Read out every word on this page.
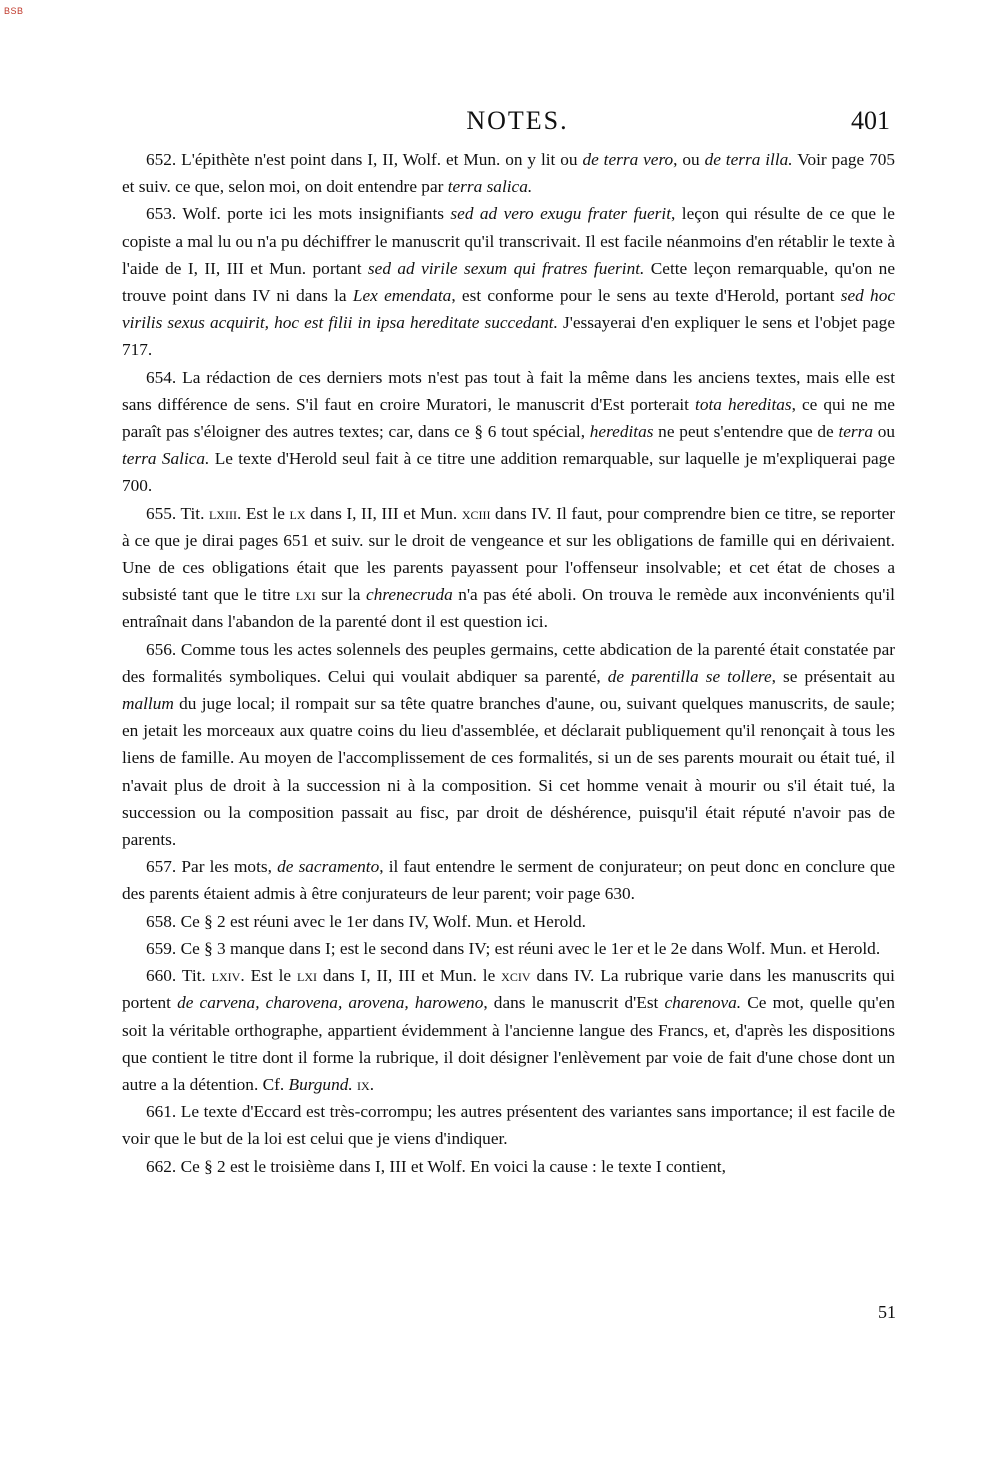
BSB
NOTES.	401

652. L'épithète n'est point dans I, II, Wolf. et Mun. on y lit ou de terra vero, ou de terra illa. Voir page 705 et suiv. ce que, selon moi, on doit entendre par terra salica.

653. Wolf. porte ici les mots insignifiants sed ad vero exugu frater fuerit, leçon qui résulte de ce que le copiste a mal lu ou n'a pu déchiffrer le manuscrit qu'il transcrivait. Il est facile néanmoins d'en rétablir le texte à l'aide de I, II, III et Mun. portant sed ad virile sexum qui fratres fuerint. Cette leçon remarquable, qu'on ne trouve point dans IV ni dans la Lex emendata, est conforme pour le sens au texte d'Herold, portant sed hoc virilis sexus acquirit, hoc est filii in ipsa hereditate succedant. J'essayerai d'en expliquer le sens et l'objet page 717.

654. La rédaction de ces derniers mots n'est pas tout à fait la même dans les anciens textes, mais elle est sans différence de sens. S'il faut en croire Muratori, le manuscrit d'Est porterait tota hereditas, ce qui ne me paraît pas s'éloigner des autres textes; car, dans ce § 6 tout spécial, hereditas ne peut s'entendre que de terra ou terra Salica. Le texte d'Herold seul fait à ce titre une addition remarquable, sur laquelle je m'expliquerai page 700.

655. Tit. lxiii. Est le lx dans I, II, III et Mun. xciii dans IV. Il faut, pour comprendre bien ce titre, se reporter à ce que je dirai pages 651 et suiv. sur le droit de vengeance et sur les obligations de famille qui en dérivaient. Une de ces obligations était que les parents payassent pour l'offenseur insolvable; et cet état de choses a subsisté tant que le titre lxi sur la chrenecruda n'a pas été aboli. On trouva le remède aux inconvénients qu'il entraînait dans l'abandon de la parenté dont il est question ici.

656. Comme tous les actes solennels des peuples germains, cette abdication de la parenté était constatée par des formalités symboliques. Celui qui voulait abdiquer sa parenté, de parentilla se tollere, se présentait au mallum du juge local; il rompait sur sa tête quatre branches d'aune, ou, suivant quelques manuscrits, de saule; en jetait les morceaux aux quatre coins du lieu d'assemblée, et déclarait publiquement qu'il renonçait à tous les liens de famille. Au moyen de l'accomplissement de ces formalités, si un de ses parents mourait ou était tué, il n'avait plus de droit à la succession ni à la composition. Si cet homme venait à mourir ou s'il était tué, la succession ou la composition passait au fisc, par droit de déshérence, puisqu'il était réputé n'avoir pas de parents.

657. Par les mots, de sacramento, il faut entendre le serment de conjurateur; on peut donc en conclure que des parents étaient admis à être conjurateurs de leur parent; voir page 630.

658. Ce § 2 est réuni avec le 1er dans IV, Wolf. Mun. et Herold.

659. Ce § 3 manque dans I; est le second dans IV; est réuni avec le 1er et le 2e dans Wolf. Mun. et Herold.

660. Tit. lxiv. Est le lxi dans I, II, III et Mun. le xciv dans IV. La rubrique varie dans les manuscrits qui portent de carvena, charovena, arovena, haroweno, dans le manuscrit d'Est charenova. Ce mot, quelle qu'en soit la véritable orthographe, appartient évidemment à l'ancienne langue des Francs, et, d'après les dispositions que contient le titre dont il forme la rubrique, il doit désigner l'enlèvement par voie de fait d'une chose dont un autre a la détention. Cf. Burgund. ix.

661. Le texte d'Eccard est très-corrompu; les autres présentent des variantes sans importance; il est facile de voir que le but de la loi est celui que je viens d'indiquer.

662. Ce § 2 est le troisième dans I, III et Wolf. En voici la cause : le texte I contient,

51
